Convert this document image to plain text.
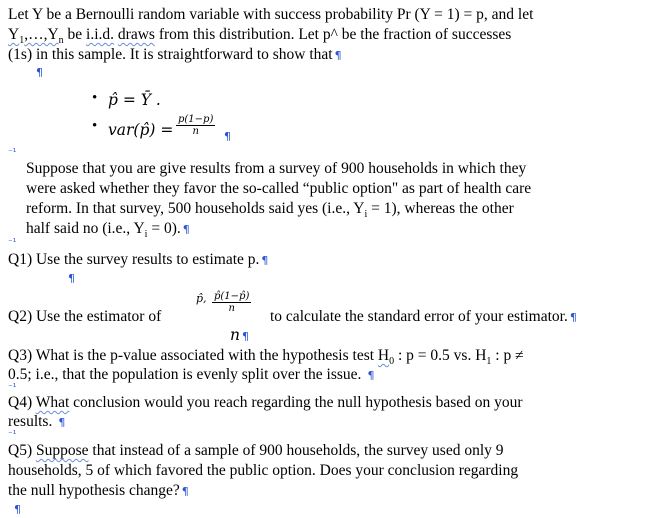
Let Y be a Bernoulli random variable with success probability Pr (Y = 1) = p, and let
$Y_1,\dots,Y_n$ be i.i.d. draws from this distribution. Let p^ be the fraction of successes
(1s) in this sample. It is straightforward to show that ¶
¶
• p̂ = Ȳ .
• var(p̂) = $\frac{p(1-p)}{n}$ ¶
⁻¹
Suppose that you are give results from a survey of 900 households in which they
were asked whether they favor the so-called “public option" as part of health care
reform. In that survey, 500 households said yes (i.e., $Y_i = 1$), whereas the other
half said no (i.e., $Y_i = 0$). ¶
⁻¹
Q1) Use the survey results to estimate p. ¶
¶
Q2) Use the estimator of
p̂, $\frac{p̂(1-p̂)}{n}$
to calculate the standard error of your estimator. ¶
n ¶
Q3) What is the p-value associated with the hypothesis test $H_0$ : p = 0.5 vs. $H_1$ : p ≠
0.5; i.e., that the population is evenly split over the issue. ¶
⁻¹
Q4) What conclusion would you reach regarding the null hypothesis based on your
results. ¶
⁻¹
Q5) Suppose that instead of a sample of 900 households, the survey used only 9
households, 5 of which favored the public option. Does your conclusion regarding
the null hypothesis change? ¶
¶
